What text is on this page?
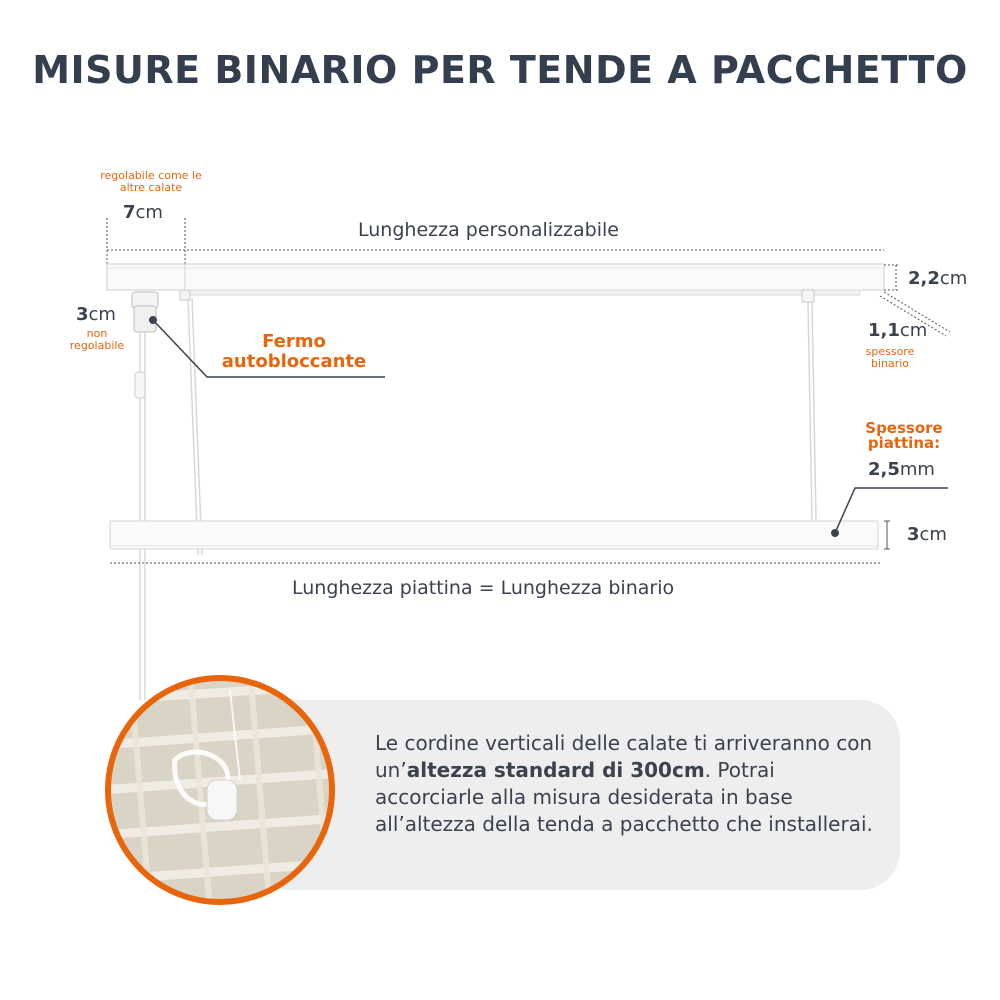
MISURE BINARIO PER TENDE A PACCHETTO
regolabile come le altre calate
7cm
Lunghezza personalizzabile
2,2cm
1,1cm
spessore binario
3cm
non regolabile	Fermo autobloccante
Spessore piattina:
2,5mm
3cm
Lunghezza piattina = Lunghezza binario
Le cordine verticali delle calate ti arriveranno con un’altezza standard di 300cm. Potrai accorciarle alla misura desiderata in base all’altezza della tenda a pacchetto che installerai.
